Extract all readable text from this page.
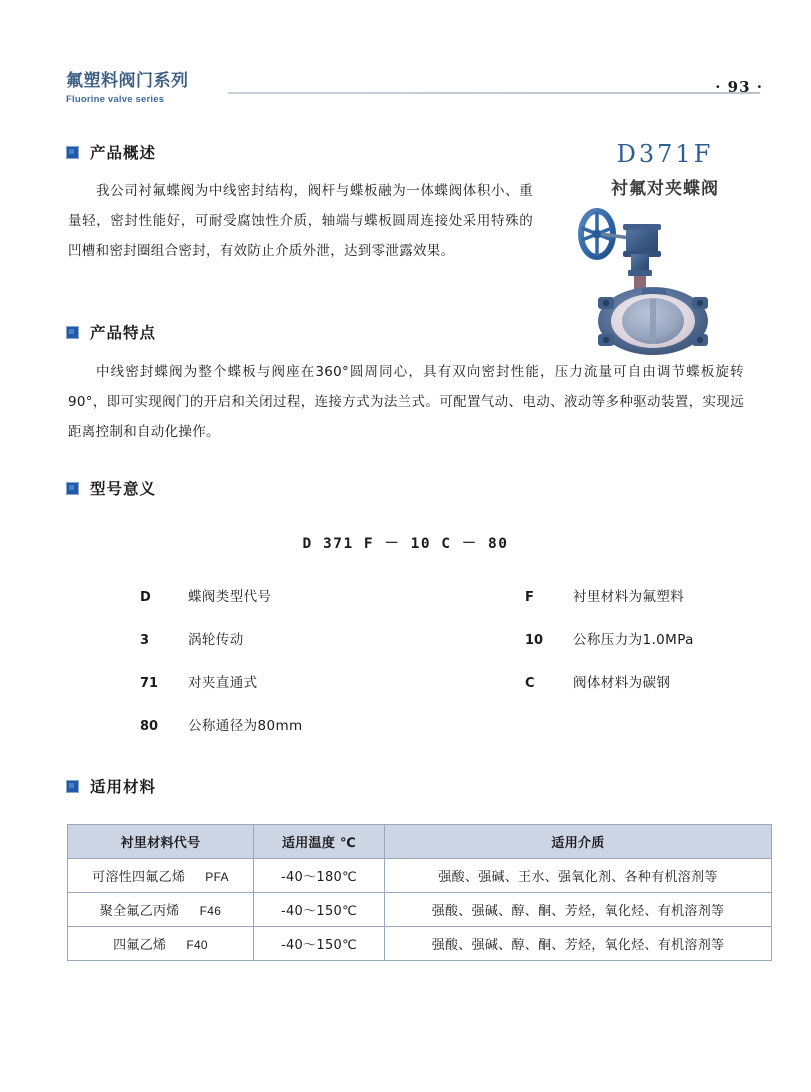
氟塑料阀门系列
Fluorine valve series
· 93 ·
D371F
衬氟对夹蝶阀
产品概述
我公司衬氟蝶阀为中线密封结构，阀杆与蝶板融为一体蝶阀体积小、重量轻，密封性能好，可耐受腐蚀性介质，轴端与蝶板圆周连接处采用特殊的凹槽和密封圈组合密封，有效防止介质外泄，达到零泄露效果。
产品特点
中线密封蝶阀为整个蝶板与阀座在360°圆周同心，具有双向密封性能，压力流量可自由调节蝶板旋转90°，即可实现阀门的开启和关闭过程，连接方式为法兰式。可配置气动、电动、液动等多种驱动装置，实现远距离控制和自动化操作。
型号意义
D 371 F － 10 C － 80
D	蝶阀类型代号	F	衬里材料为氟塑料
3	涡轮传动	10	公称压力为1.0MPa
71	对夹直通式	C	阀体材料为碳钢
80	公称通径为80mm
适用材料
衬里材料代号	适用温度 ℃	适用介质

可溶性四氟乙烯 PFA	-40～180℃	强酸、强碱、王水、强氧化剂、各种有机溶剂等

聚全氟乙丙烯 F46	-40～150℃	强酸、强碱、醇、酮、芳烃，氧化烃、有机溶剂等

四氟乙烯 F40	-40～150℃	强酸、强碱、醇、酮、芳烃，氧化烃、有机溶剂等
